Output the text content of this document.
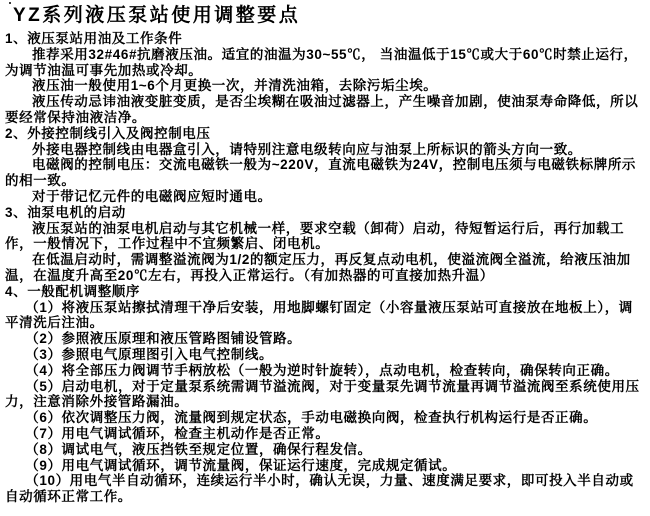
YZ系列液压泵站使用调整要点
1、液压泵站用油及工作条件

推荐采用32#46#抗磨液压油。适宜的油温为30~55℃， 当油温低于15℃或大于60℃时禁止运行，为调节油温可事先加热或冷却。

液压油一般使用1~6个月更换一次，并清洗油箱，去除污垢尘埃。

液压传动忌讳油液变脏变质，是否尘埃糊在吸油过滤器上，产生噪音加剧，使油泵寿命降低，所以要经常保持油液洁净。

2、外接控制线引入及阀控制电压

外接电器控制线由电器盒引入，请特别注意电级转向应与油泵上所标识的箭头方向一致。

电磁阀的控制电压：交流电磁铁一般为~220V，直流电磁铁为24V，控制电压须与电磁铁标牌所示的相一致。

对于带记忆元件的电磁阀应短时通电。

3、油泵电机的启动

液压泵站的油泵电机启动与其它机械一样，要求空载（卸荷）启动，待短暂运行后，再行加载工作，一般情况下，工作过程中不宜频繁启、闭电机。

在低温启动时，需调整溢流阀为1/2的额定压力，再反复点动电机，使溢流阀全溢流，给液压油加温，在温度升高至20℃左右，再投入正常运行。（有加热器的可直接加热升温）

4、一般配机调整顺序

（1）将液压泵站擦拭清理干净后安装，用地脚螺钉固定（小容量液压泵站可直接放在地板上），调平清洗后注油。

（2）参照液压原理和液压管路图铺设管路。

（3）参照电气原理图引入电气控制线。

（4）将全部压力阀调节手柄放松（一般为逆时针旋转），点动电机，检查转向，确保转向正确。

（5）启动电机，对于定量泵系统需调节溢流阀，对于变量泵先调节流量再调节溢流阀至系统使用压力，注意消除外接管路漏油。

（6）依次调整压力阀，流量阀到规定状态，手动电磁换向阀，检查执行机构运行是否正确。

（7）用电气调试循环，检查主机动作是否正常。

（8）调试电气，液压挡铁至规定位置，确保行程发信。

（9）用电气调试循环，调节流量阀，保证运行速度，完成规定循试。

（10）用电气半自动循环，连续运行半小时，确认无误，力量、速度满足要求，即可投入半自动或自动循环正常工作。
